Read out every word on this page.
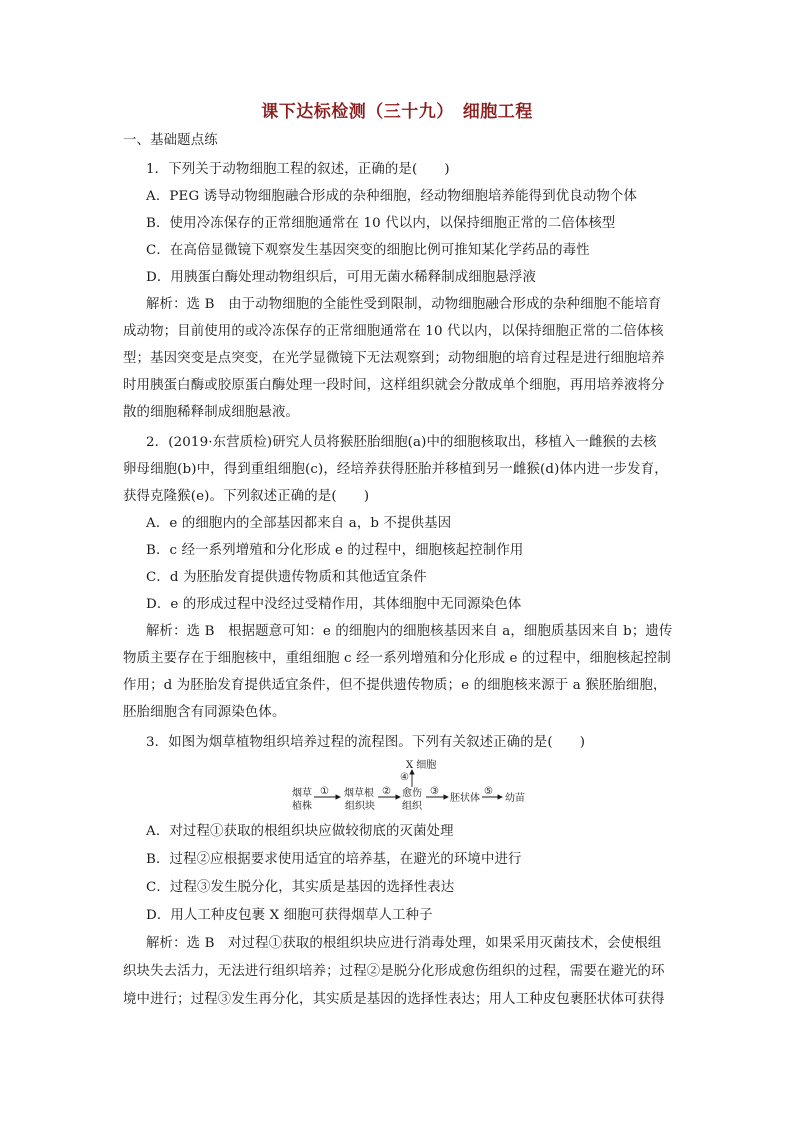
课下达标检测（三十九）　细胞工程
一、基础题点练
1．下列关于动物细胞工程的叙述，正确的是(　　)
A．PEG 诱导动物细胞融合形成的杂种细胞，经动物细胞培养能得到优良动物个体
B．使用冷冻保存的正常细胞通常在 10 代以内，以保持细胞正常的二倍体核型
C．在高倍显微镜下观察发生基因突变的细胞比例可推知某化学药品的毒性
D．用胰蛋白酶处理动物组织后，可用无菌水稀释制成细胞悬浮液
解析：选 B　由于动物细胞的全能性受到限制，动物细胞融合形成的杂种细胞不能培育
成动物；目前使用的或冷冻保存的正常细胞通常在 10 代以内，以保持细胞正常的二倍体核
型；基因突变是点突变，在光学显微镜下无法观察到；动物细胞的培育过程是进行细胞培养
时用胰蛋白酶或胶原蛋白酶处理一段时间，这样组织就会分散成单个细胞，再用培养液将分
散的细胞稀释制成细胞悬液。
2．(2019·东营质检)研究人员将猴胚胎细胞(a)中的细胞核取出，移植入一雌猴的去核
卵母细胞(b)中，得到重组细胞(c)，经培养获得胚胎并移植到另一雌猴(d)体内进一步发育，
获得克隆猴(e)。下列叙述正确的是(　　)
A．e 的细胞内的全部基因都来自 a，b 不提供基因
B．c 经一系列增殖和分化形成 e 的过程中，细胞核起控制作用
C．d 为胚胎发育提供遗传物质和其他适宜条件
D．e 的形成过程中没经过受精作用，其体细胞中无同源染色体
解析：选 B　根据题意可知：e 的细胞内的细胞核基因来自 a，细胞质基因来自 b；遗传
物质主要存在于细胞核中，重组细胞 c 经一系列增殖和分化形成 e 的过程中，细胞核起控制
作用；d 为胚胎发育提供适宜条件，但不提供遗传物质；e 的细胞核来源于 a 猴胚胎细胞，
胚胎细胞含有同源染色体。
3．如图为烟草植物组织培养过程的流程图。下列有关叙述正确的是(　　)
烟草
植株
① 烟草根
组织块
② 愈伤
组织
④
X 细胞
③
胚状体
⑤
幼苗
A．对过程①获取的根组织块应做较彻底的灭菌处理
B．过程②应根据要求使用适宜的培养基，在避光的环境中进行
C．过程③发生脱分化，其实质是基因的选择性表达
D．用人工种皮包裹 X 细胞可获得烟草人工种子
解析：选 B　对过程①获取的根组织块应进行消毒处理，如果采用灭菌技术，会使根组
织块失去活力，无法进行组织培养；过程②是脱分化形成愈伤组织的过程，需要在避光的环
境中进行；过程③发生再分化，其实质是基因的选择性表达；用人工种皮包裹胚状体可获得
